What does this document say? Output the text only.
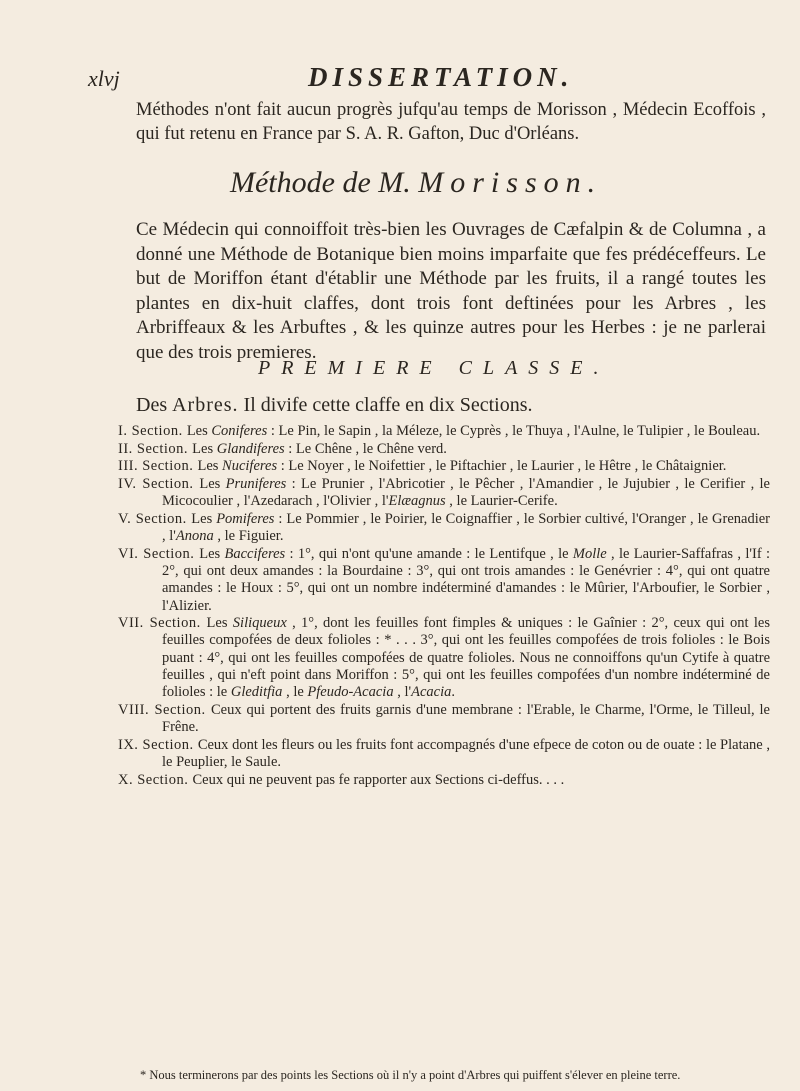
xlvj	DISSERTATION.

Méthodes n'ont fait aucun progrès jufqu'au temps de Morisson , Médecin Ecoffois , qui fut retenu en France par S. A. R. Gafton, Duc d'Orléans.

Méthode de M. Morisson.

Ce Médecin qui connoiffoit très-bien les Ouvrages de Cæfalpin & de Columna , a donné une Méthode de Botanique bien moins imparfaite que fes prédéceffeurs. Le but de Moriffon étant d'établir une Méthode par les fruits, il a rangé toutes les plantes en dix-huit claffes, dont trois font deftinées pour les Arbres , les Arbriffeaux & les Arbuftes , & les quinze autres pour les Herbes : je ne parlerai que des trois premieres.

PREMIERE CLASSE.
Des Arbres. Il divife cette claffe en dix Sections.

I. Section. Les Coniferes : Le Pin, le Sapin , la Méleze, le Cyprès , le Thuya , l'Aulne, le Tulipier , le Bouleau.

II. Section. Les Glandiferes : Le Chêne , le Chêne verd.

III. Section. Les Nuciferes : Le Noyer , le Noifettier , le Piftachier , le Laurier , le Hêtre , le Châtaignier.

IV. Section. Les Pruniferes : Le Prunier , l'Abricotier , le Pêcher , l'Amandier , le Jujubier , le Cerifier , le Micocoulier , l'Azedarach , l'Olivier , l'Elæagnus , le Laurier-Cerife.

V. Section. Les Pomiferes : Le Pommier , le Poirier, le Coignaffier , le Sorbier cultivé, l'Oranger , le Grenadier , l'Anona , le Figuier.

VI. Section. Les Bacciferes : 1°, qui n'ont qu'une amande : le Lentifque , le Molle , le Laurier-Saffafras , l'If : 2°, qui ont deux amandes : la Bourdaine : 3°, qui ont trois amandes : le Genévrier : 4°, qui ont quatre amandes : le Houx : 5°, qui ont un nombre indéterminé d'amandes : le Mûrier, l'Arboufier, le Sorbier , l'Alizier.

VII. Section. Les Siliqueux , 1°, dont les feuilles font fimples & uniques : le Gaînier : 2°, ceux qui ont les feuilles compofées de deux folioles : * . . . 3°, qui ont les feuilles compofées de trois folioles : le Bois puant : 4°, qui ont les feuilles compofées de quatre folioles. Nous ne connoiffons qu'un Cytife à quatre feuilles , qui n'eft point dans Moriffon : 5°, qui ont les feuilles compofées d'un nombre indéterminé de folioles : le Gleditfia , le Pfeudo-Acacia , l'Acacia.

VIII. Section. Ceux qui portent des fruits garnis d'une membrane : l'Erable, le Charme, l'Orme, le Tilleul, le Frêne.

IX. Section. Ceux dont les fleurs ou les fruits font accompagnés d'une efpece de coton ou de ouate : le Platane , le Peuplier, le Saule.

X. Section. Ceux qui ne peuvent pas fe rapporter aux Sections ci-deffus. . . .

* Nous terminerons par des points les Sections où il n'y a point d'Arbres qui puiffent s'élever en pleine terre.
